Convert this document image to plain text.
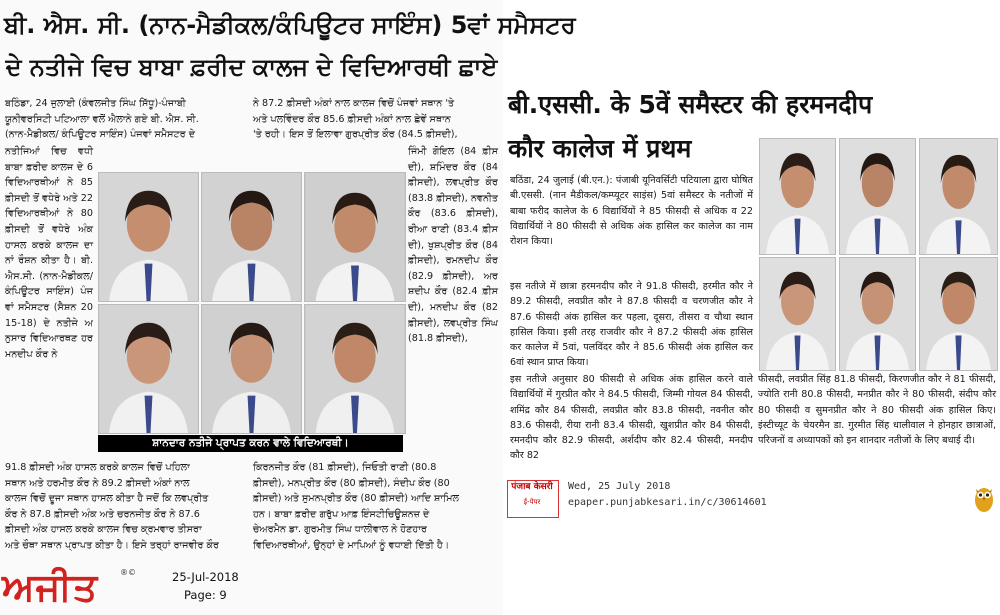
ਬੀ. ਐਸ. ਸੀ. (ਨਾਨ-ਮੈਡੀਕਲ/ਕੰਪਿਊਟਰ ਸਾਇੰਸ) 5ਵਾਂ ਸਮੈਸਟਰ
ਦੇ ਨਤੀਜੇ ਵਿਚ ਬਾਬਾ ਫ਼ਰੀਦ ਕਾਲਜ ਦੇ ਵਿਦਿਆਰਥੀ ਛਾਏ
ਬਠਿੰਡਾ, 24 ਜੁਲਾਈ (ਕੰਵਲਜੀਤ ਸਿੰਘ ਸਿੱਧੂ)-ਪੰਜਾਬੀ
ਯੂਨੀਵਰਸਿਟੀ ਪਟਿਆਲਾ ਵਲੋਂ ਐਲਾਨੇ ਗਏ ਬੀ. ਐਸ. ਸੀ.
(ਨਾਨ-ਮੈਡੀਕਲ/ ਕੰਪਿਊਟਰ ਸਾਇੰਸ) ਪੰਜਵਾਂ ਸਮੈਸਟਰ ਦੇ
ਨੇ 87.2 ਫ਼ੀਸਦੀ ਅੰਕਾਂ ਨਾਲ ਕਾਲਜ ਵਿਚੋਂ ਪੰਜਵਾਂ ਸਥਾਨ 'ਤੇ
ਅਤੇ ਪਲਵਿੰਦਰ ਕੌਰ 85.6 ਫ਼ੀਸਦੀ ਅੰਕਾਂ ਨਾਲ ਛੇਵੇਂ ਸਥਾਨ
'ਤੇ ਰਹੀ। ਇਸ ਤੋਂ ਇਲਾਵਾ ਗੁਰਪ੍ਰੀਤ ਕੌਰ (84.5 ਫ਼ੀਸਦੀ),
ਨਤੀਜਿਆਂ ਵਿਚ ਵਧੀ ਬਾਬਾ ਫ਼ਰੀਦ ਕਾਲਜ ਦੇ 6 ਵਿਦਿਆਰਥੀਆਂ ਨੇ 85 ਫ਼ੀਸਦੀ ਤੋਂ ਵਧੇਰੇ ਅਤੇ 22 ਵਿਦਿਆਰਥੀਆਂ ਨੇ 80 ਫ਼ੀਸਦੀ ਤੋਂ ਵਧੇਰੇ ਅੰਕ ਹਾਸਲ ਕਰਕੇ ਕਾਲਜ ਦਾ ਨਾਂ ਰੌਸ਼ਨ ਕੀਤਾ ਹੈ। ਬੀ.ਐਸ.ਸੀ. (ਨਾਨ-ਮੈਡੀਕਲ/ਕੰਪਿਊਟਰ ਸਾਇੰਸ) ਪੰਜਵਾਂ ਸਮੈਸਟਰ (ਸੈਸ਼ਨ 2015-18) ਦੇ ਨਤੀਜੇ ਅਨੁਸਾਰ ਵਿਦਿਆਰਥਣ ਹਰਮਨਦੀਪ ਕੌਰ ਨੇ
ਜਿੰਮੀ ਗੋਇਲ (84 ਫ਼ੀਸਦੀ), ਸ਼ਮਿੰਦਰ ਕੌਰ (84 ਫ਼ੀਸਦੀ), ਲਵਪ੍ਰੀਤ ਕੌਰ (83.8 ਫ਼ੀਸਦੀ), ਨਵਨੀਤ ਕੌਰ (83.6 ਫ਼ੀਸਦੀ), ਰੀਆ ਰਾਣੀ (83.4 ਫ਼ੀਸਦੀ), ਖੁਸ਼ਪ੍ਰੀਤ ਕੌਰ (84 ਫ਼ੀਸਦੀ), ਰਮਨਦੀਪ ਕੌਰ (82.9 ਫ਼ੀਸਦੀ), ਅਰਸ਼ਦੀਪ ਕੌਰ (82.4 ਫ਼ੀਸਦੀ), ਮਨਦੀਪ ਕੌਰ (82 ਫ਼ੀਸਦੀ), ਲਵਪ੍ਰੀਤ ਸਿੰਘ (81.8 ਫ਼ੀਸਦੀ),
ਸ਼ਾਨਦਾਰ ਨਤੀਜੇ ਪ੍ਰਾਪਤ ਕਰਨ ਵਾਲੇ ਵਿਦਿਆਰਥੀ।
91.8 ਫ਼ੀਸਦੀ ਅੰਕ ਹਾਸਲ ਕਰਕੇ ਕਾਲਜ ਵਿਚੋਂ ਪਹਿਲਾ
ਸਥਾਨ ਅਤੇ ਹਰਮੀਤ ਕੌਰ ਨੇ 89.2 ਫ਼ੀਸਦੀ ਅੰਕਾਂ ਨਾਲ
ਕਾਲਜ ਵਿਚੋਂ ਦੂਜਾ ਸਥਾਨ ਹਾਸਲ ਕੀਤਾ ਹੈ ਜਦੋਂ ਕਿ ਲਵਪ੍ਰੀਤ
ਕੌਰ ਨੇ 87.8 ਫ਼ੀਸਦੀ ਅੰਕ ਅਤੇ ਚਰਨਜੀਤ ਕੌਰ ਨੇ 87.6
ਫ਼ੀਸਦੀ ਅੰਕ ਹਾਸਲ ਕਰਕੇ ਕਾਲਜ ਵਿਚ ਕ੍ਰਮਵਾਰ ਤੀਸਰਾ
ਅਤੇ ਚੌਥਾ ਸਥਾਨ ਪ੍ਰਾਪਤ ਕੀਤਾ ਹੈ। ਇਸੇ ਤਰ੍ਹਾਂ ਰਾਜਵੀਰ ਕੌਰ
ਕਿਰਨਜੀਤ ਕੌਰ (81 ਫ਼ੀਸਦੀ), ਜਿਓਤੀ ਰਾਣੀ (80.8
ਫ਼ੀਸਦੀ), ਮਨਪ੍ਰੀਤ ਕੌਰ (80 ਫ਼ੀਸਦੀ), ਸੰਦੀਪ ਕੌਰ (80
ਫ਼ੀਸਦੀ) ਅਤੇ ਸੁਮਨਪ੍ਰੀਤ ਕੌਰ (80 ਫ਼ੀਸਦੀ) ਆਦਿ ਸ਼ਾਮਿਲ
ਹਨ। ਬਾਬਾ ਫ਼ਰੀਦ ਗਰੁੱਪ ਆਫ਼ ਇੰਸਟੀਚਿਊਸ਼ਨਜ਼ ਦੇ
ਚੇਅਰਮੈਨ ਡਾ. ਗੁਰਮੀਤ ਸਿੰਘ ਧਾਲੀਵਾਲ ਨੇ ਹੋਣਹਾਰ
ਵਿਦਿਆਰਥੀਆਂ, ਉਨ੍ਹਾਂ ਦੇ ਮਾਪਿਆਂ ਨੂੰ ਵਧਾਈ ਦਿੱਤੀ ਹੈ।
ਅਜੀਤ	®©	25-Jul-2018
Page: 9
बी.एससी. के 5वें समैस्टर की हरमनदीप
कौर कालेज में प्रथम
बठिंडा, 24 जुलाई (बी.एन.): पंजाबी यूनिवर्सिटी पटियाला द्वारा घोषित बी.एससी. (नान मैडीकल/कम्प्यूटर साइंस) 5वां समैस्टर के नतीजों में बाबा फरीद कालेज के 6 विद्यार्थियों ने 85 फीसदी से अधिक व 22 विद्यार्थियों ने 80 फीसदी से अधिक अंक हासिल कर कालेज का नाम रोशन किया।
इस नतीजे में छात्रा हरमनदीप कौर ने 91.8 फीसदी, हरमीत कौर ने 89.2 फीसदी, लवप्रीत कौर ने 87.8 फीसदी व चरणजीत कौर ने 87.6 फीसदी अंक हासिल कर पहला, दूसरा, तीसरा व चौथा स्थान हासिल किया। इसी तरह राजवीर कौर ने 87.2 फीसदी अंक हासिल कर कालेज में 5वां, पलविंदर कौर ने 85.6 फीसदी अंक हासिल कर 6वां स्थान प्राप्त किया।
इस नतीजे अनुसार 80 फीसदी से अधिक अंक हासिल करने वाले विद्यार्थियों में गुरप्रीत कौर ने 84.5 फीसदी, जिम्मी गोयल 84 फीसदी, शमिंद्र कौर 84 फीसदी, लवप्रीत कौर 83.8 फीसदी, नवनीत कौर 83.6 फीसदी, रीया रानी 83.4 फीसदी, खुशप्रीत कौर 84 फीसदी, रमनदीप कौर 82.9 फीसदी, अर्शदीप कौर 82.4 फीसदी, मनदीप कौर 82
फीसदी, लवप्रीत सिंह 81.8 फीसदी, किरणजीत कौर ने 81 फीसदी, ज्योति रानी 80.8 फीसदी, मनप्रीत कौर ने 80 फीसदी, संदीप कौर 80 फीसदी व सुमनप्रीत कौर ने 80 फीसदी अंक हासिल किए। इंस्टीच्यूट के चेयरमैन डा. गुरमीत सिंह धालीवाल ने होनहार छात्राओं, परिजनों व अध्यापकों को इन शानदार नतीजों के लिए बधाई दी।
पंजाब केसरी
ई-पेपर
Wed, 25 July 2018
epaper.punjabkesari.in/c/30614601
